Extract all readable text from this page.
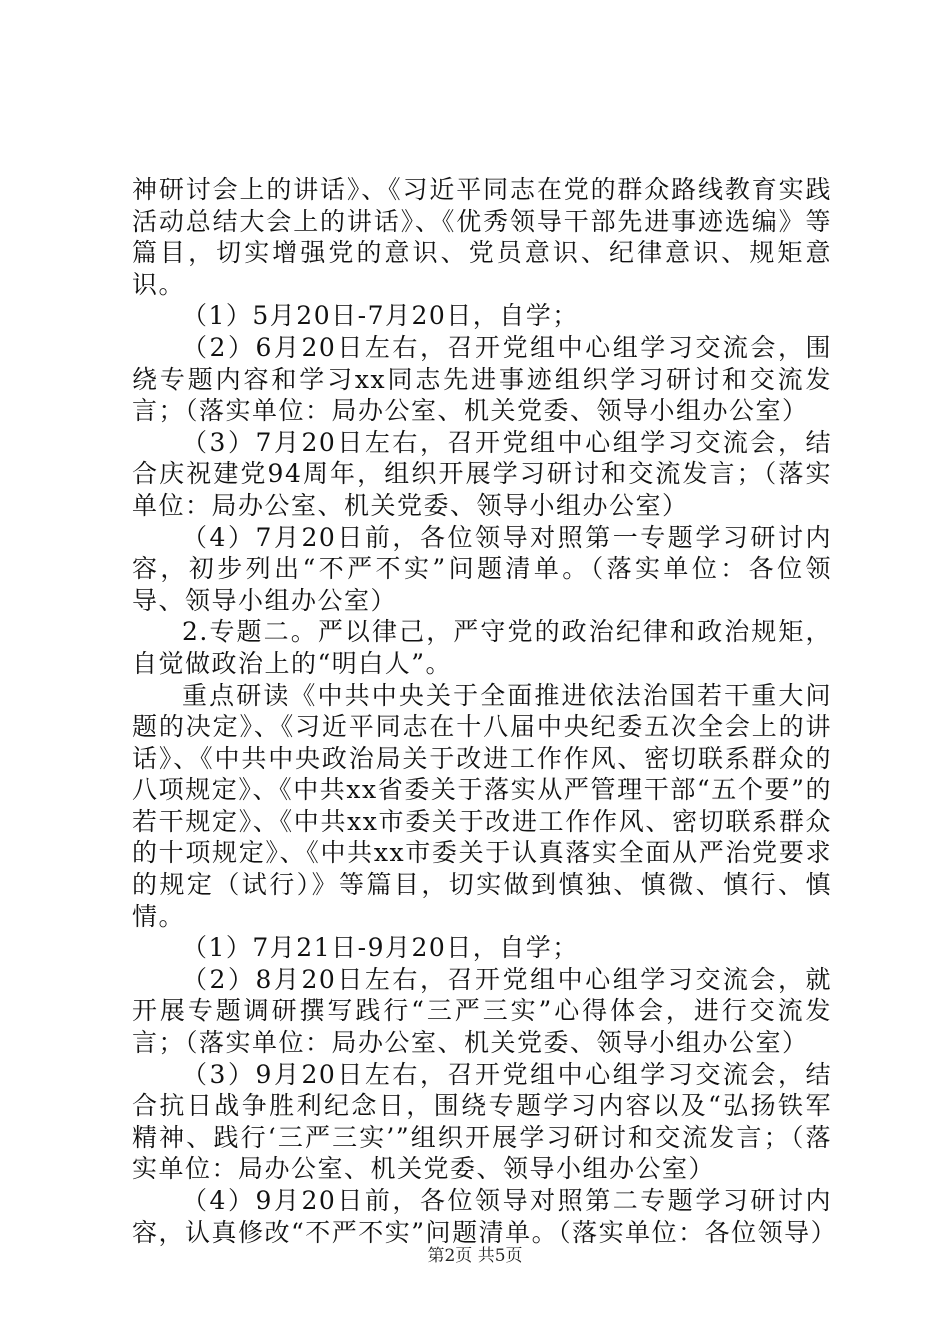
神研讨会上的讲话》、《习近平同志在党的群众路线教育实践活动总结大会上的讲话》、《优秀领导干部先进事迹选编》等篇目，切实增强党的意识、党员意识、纪律意识、规矩意识。

（1）5月20日-7月20日，自学；

（2）6月20日左右，召开党组中心组学习交流会，围绕专题内容和学习xx同志先进事迹组织学习研讨和交流发言；（落实单位：局办公室、机关党委、领导小组办公室）

（3）7月20日左右，召开党组中心组学习交流会，结合庆祝建党94周年，组织开展学习研讨和交流发言；（落实单位：局办公室、机关党委、领导小组办公室）

（4）7月20日前，各位领导对照第一专题学习研讨内容，初步列出“不严不实”问题清单。（落实单位：各位领导、领导小组办公室）

2.专题二。严以律己，严守党的政治纪律和政治规矩，自觉做政治上的“明白人”。

重点研读《中共中央关于全面推进依法治国若干重大问题的决定》、《习近平同志在十八届中央纪委五次全会上的讲话》、《中共中央政治局关于改进工作作风、密切联系群众的八项规定》、《中共xx省委关于落实从严管理干部“五个要”的若干规定》、《中共xx市委关于改进工作作风、密切联系群众的十项规定》、《中共xx市委关于认真落实全面从严治党要求的规定（试行）》等篇目，切实做到慎独、慎微、慎行、慎情。

（1）7月21日-9月20日，自学；

（2）8月20日左右，召开党组中心组学习交流会，就开展专题调研撰写践行“三严三实”心得体会，进行交流发言；（落实单位：局办公室、机关党委、领导小组办公室）

（3）9月20日左右，召开党组中心组学习交流会，结合抗日战争胜利纪念日，围绕专题学习内容以及“弘扬铁军精神、践行‘三严三实’”组织开展学习研讨和交流发言；（落实单位：局办公室、机关党委、领导小组办公室）

（4）9月20日前，各位领导对照第二专题学习研讨内容，认真修改“不严不实”问题清单。（落实单位：各位领导）

第2页 共5页
